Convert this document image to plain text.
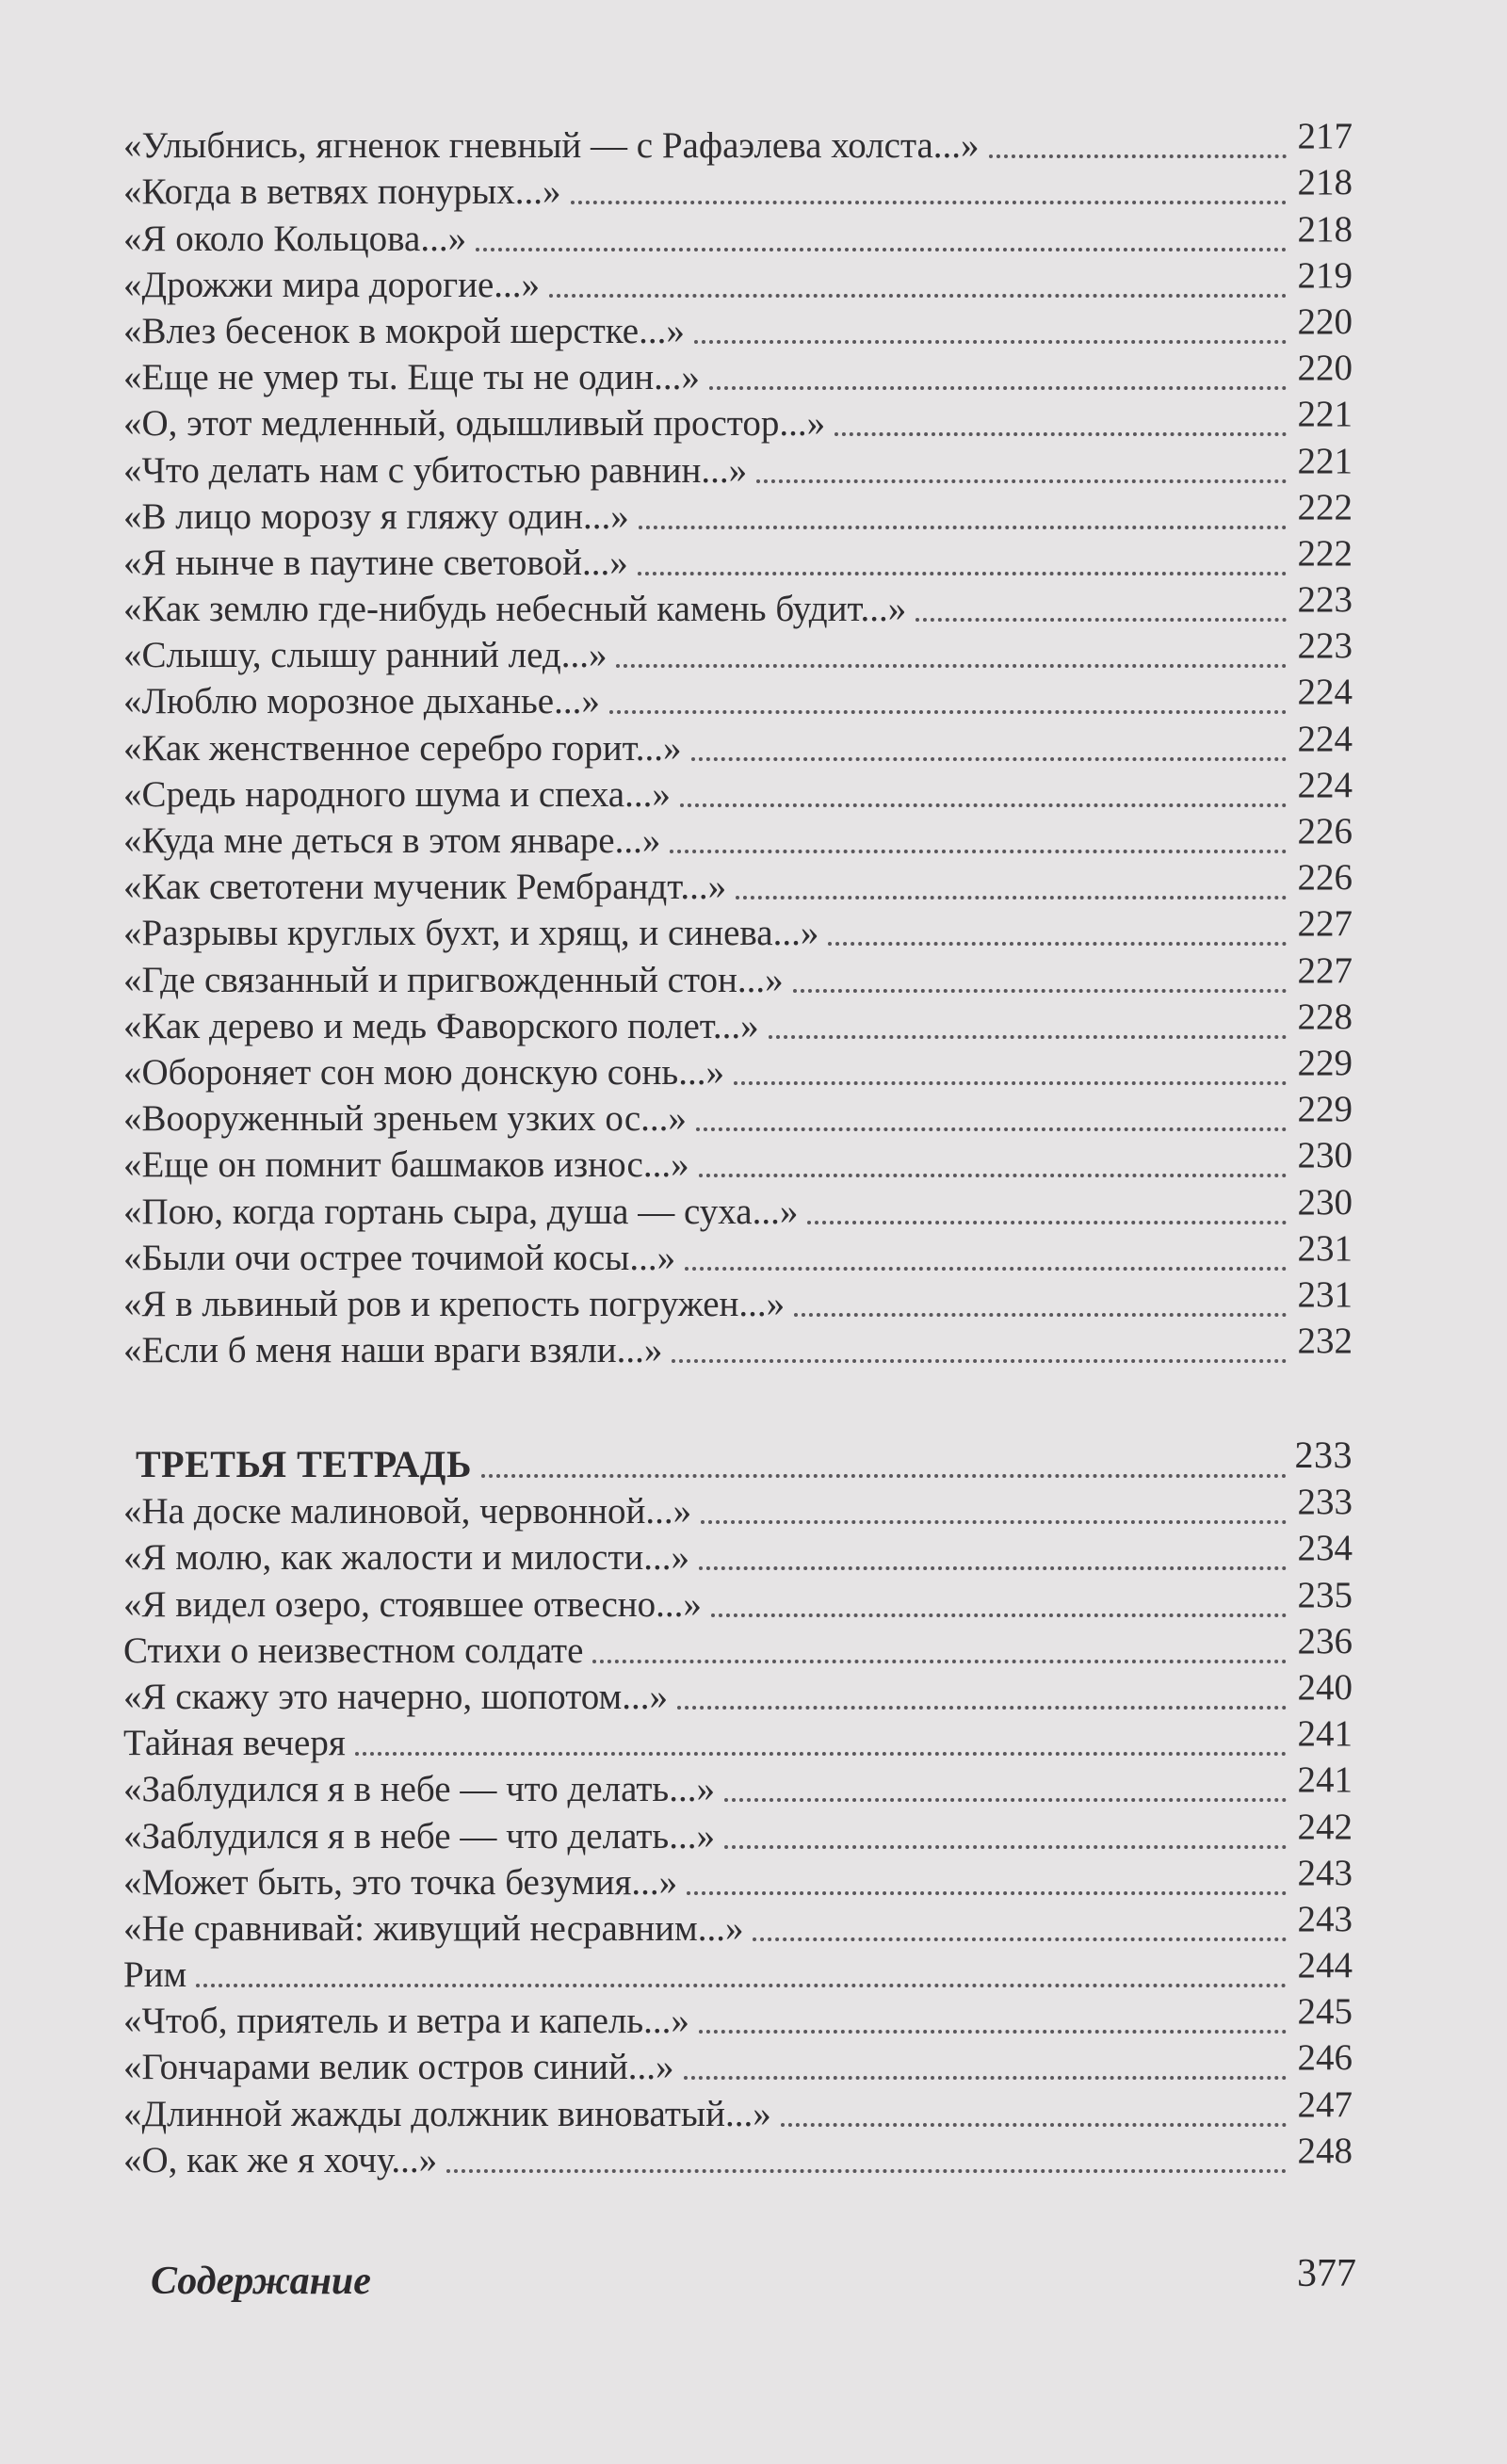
«Улыбнись, ягненок гневный — с Рафаэлева холста...»	217
«Когда в ветвях понурых...»	218
«Я около Кольцова...»	218
«Дрожжи мира дорогие...»	219
«Влез бесенок в мокрой шерстке...»	220
«Еще не умер ты. Еще ты не один...»	220
«О, этот медленный, одышливый простор...»	221
«Что делать нам с убитостью равнин...»	221
«В лицо морозу я гляжу один...»	222
«Я нынче в паутине световой...»	222
«Как землю где-нибудь небесный камень будит...»	223
«Слышу, слышу ранний лед...»	223
«Люблю морозное дыханье...»	224
«Как женственное серебро горит...»	224
«Средь народного шума и спеха...»	224
«Куда мне деться в этом январе...»	226
«Как светотени мученик Рембрандт...»	226
«Разрывы круглых бухт, и хрящ, и синева...»	227
«Где связанный и пригвожденный стон...»	227
«Как дерево и медь Фаворского полет...»	228
«Обороняет сон мою донскую сонь...»	229
«Вооруженный зреньем узких ос...»	229
«Еще он помнит башмаков износ...»	230
«Пою, когда гортань сыра, душа — суха...»	230
«Были очи острее точимой косы...»	231
«Я в львиный ров и крепость погружен...»	231
«Если б меня наши враги взяли...»	232
ТРЕТЬЯ ТЕТРАДЬ	233
«На доске малиновой, червонной...»	233
«Я молю, как жалости и милости...»	234
«Я видел озеро, стоявшее отвесно...»	235
Стихи о неизвестном солдате	236
«Я скажу это начерно, шопотом...»	240
Тайная вечеря	241
«Заблудился я в небе — что делать...»	241
«Заблудился я в небе — что делать...»	242
«Может быть, это точка безумия...»	243
«Не сравнивай: живущий несравним...»	243
Рим	244
«Чтоб, приятель и ветра и капель...»	245
«Гончарами велик остров синий...»	246
«Длинной жажды должник виноватый...»	247
«О, как же я хочу...»	248
Содержание	377
